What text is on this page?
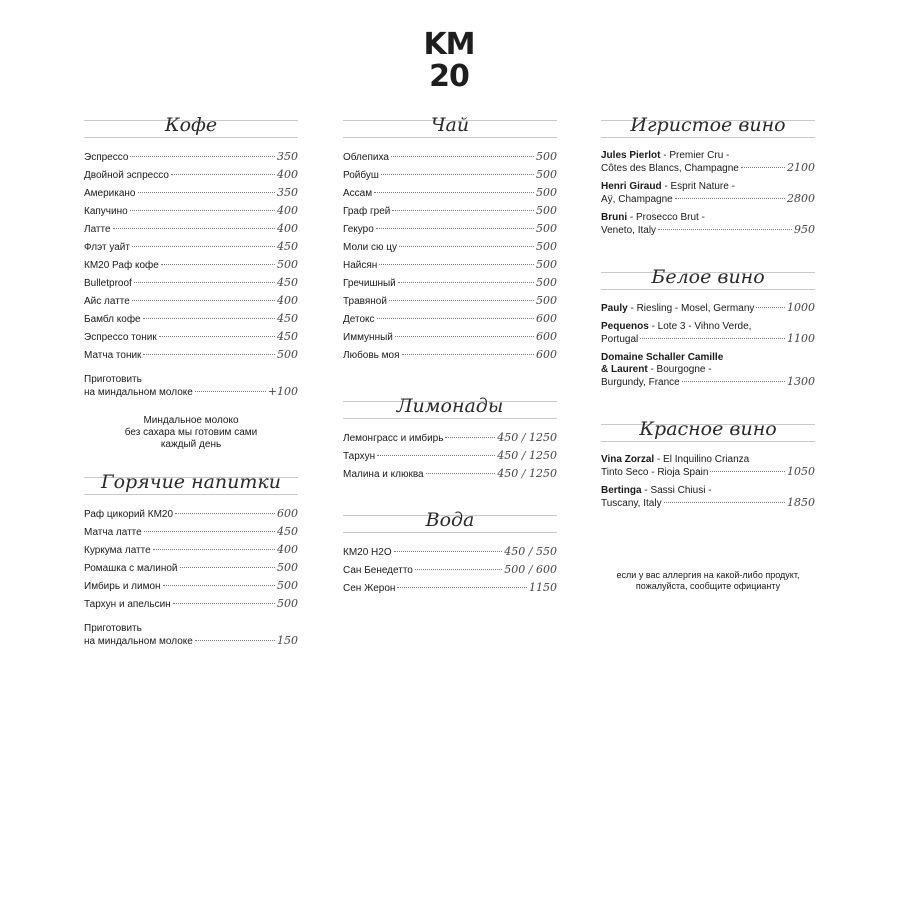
KM
20
Кофе
Эспрессо	350
Двойной эспрессо	400
Американо	350
Капучино	400
Латте	400
Флэт уайт	450
КМ20 Раф кофе	500
Bulletproof	450
Айс латте	400
Бамбл кофе	450
Эспрессо тоник	450
Матча тоник	500
Приготовить
на миндальном молоке	+100
Миндальное молоко
без сахара мы готовим сами
каждый день
Горячие напитки
Раф цикорий КМ20	600
Матча латте	450
Куркума латте	400
Ромашка с малиной	500
Имбирь и лимон	500
Тархун и апельсин	500
Приготовить
на миндальном молоке	150
Чай
Облепиха	500
Ройбуш	500
Ассам	500
Граф грей	500
Гекуро	500
Моли сю цу	500
Найсян	500
Гречишный	500
Травяной	500
Детокс	600
Иммунный	600
Любовь моя	600
Лимонады
Лемонграсс и имбирь	450 / 1250
Тархун	450 / 1250
Малина и клюква	450 / 1250
Вода
КМ20 Н2О	450 / 550
Сан Бенедетто	500 / 600
Сен Жерон	1150
Игристое вино
Jules Pierlot - Premier Cru -
Côtes des Blancs, Champagne	2100
Henri Giraud - Esprit Nature -
Aÿ, Champagne	2800
Bruni - Prosecco Brut -
Veneto, Italy	950
Белое вино
Pauly - Riesling - Mosel, Germany	1000
Pequenos - Lote 3 - Vihno Verde,
Portugal	1100
Domaine Schaller Camille
& Laurent - Bourgogne -
Burgundy, France	1300
Красное вино
Vina Zorzal - El Inquilino Crianza
Tinto Seco - Rioja Spain	1050
Bertinga - Sassi Chiusi -
Tuscany, Italy	1850
если у вас аллергия на какой-либо продукт,
пожалуйста, сообщите официанту
